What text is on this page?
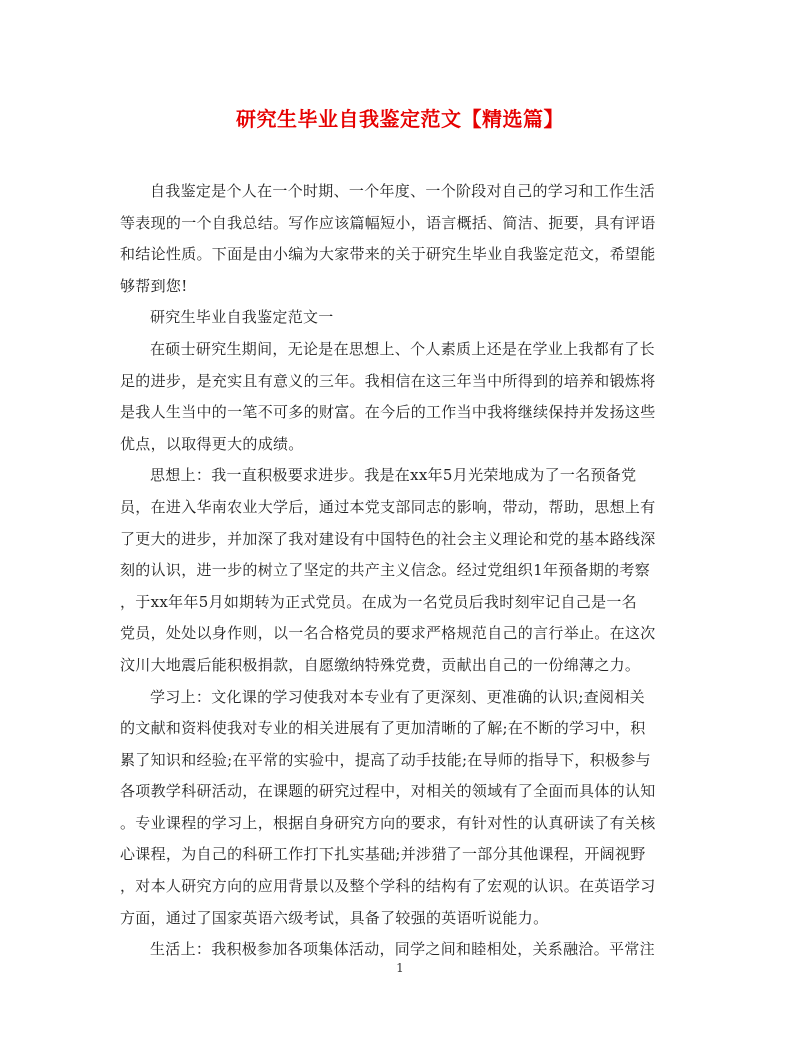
研究生毕业自我鉴定范文【精选篇】
自我鉴定是个人在一个时期、一个年度、一个阶段对自己的学习和工作生活
等表现的一个自我总结。写作应该篇幅短小，语言概括、简洁、扼要，具有评语
和结论性质。下面是由小编为大家带来的关于研究生毕业自我鉴定范文，希望能
够帮到您!
研究生毕业自我鉴定范文一
在硕士研究生期间，无论是在思想上、个人素质上还是在学业上我都有了长
足的进步，是充实且有意义的三年。我相信在这三年当中所得到的培养和锻炼将
是我人生当中的一笔不可多的财富。在今后的工作当中我将继续保持并发扬这些
优点，以取得更大的成绩。
思想上：我一直积极要求进步。我是在xx年5月光荣地成为了一名预备党
员，在进入华南农业大学后，通过本党支部同志的影响，带动，帮助，思想上有
了更大的进步，并加深了我对建设有中国特色的社会主义理论和党的基本路线深
刻的认识，进一步的树立了坚定的共产主义信念。经过党组织1年预备期的考察
，于xx年年5月如期转为正式党员。在成为一名党员后我时刻牢记自己是一名
党员，处处以身作则，以一名合格党员的要求严格规范自己的言行举止。在这次
汶川大地震后能积极捐款，自愿缴纳特殊党费，贡献出自己的一份绵薄之力。
学习上：文化课的学习使我对本专业有了更深刻、更准确的认识;查阅相关
的文献和资料使我对专业的相关进展有了更加清晰的了解;在不断的学习中，积
累了知识和经验;在平常的实验中，提高了动手技能;在导师的指导下，积极参与
各项教学科研活动，在课题的研究过程中，对相关的领域有了全面而具体的认知
。专业课程的学习上，根据自身研究方向的要求，有针对性的认真研读了有关核
心课程，为自己的科研工作打下扎实基础;并涉猎了一部分其他课程，开阔视野
，对本人研究方向的应用背景以及整个学科的结构有了宏观的认识。在英语学习
方面，通过了国家英语六级考试，具备了较强的英语听说能力。
生活上：我积极参加各项集体活动，同学之间和睦相处，关系融洽。平常注
1
